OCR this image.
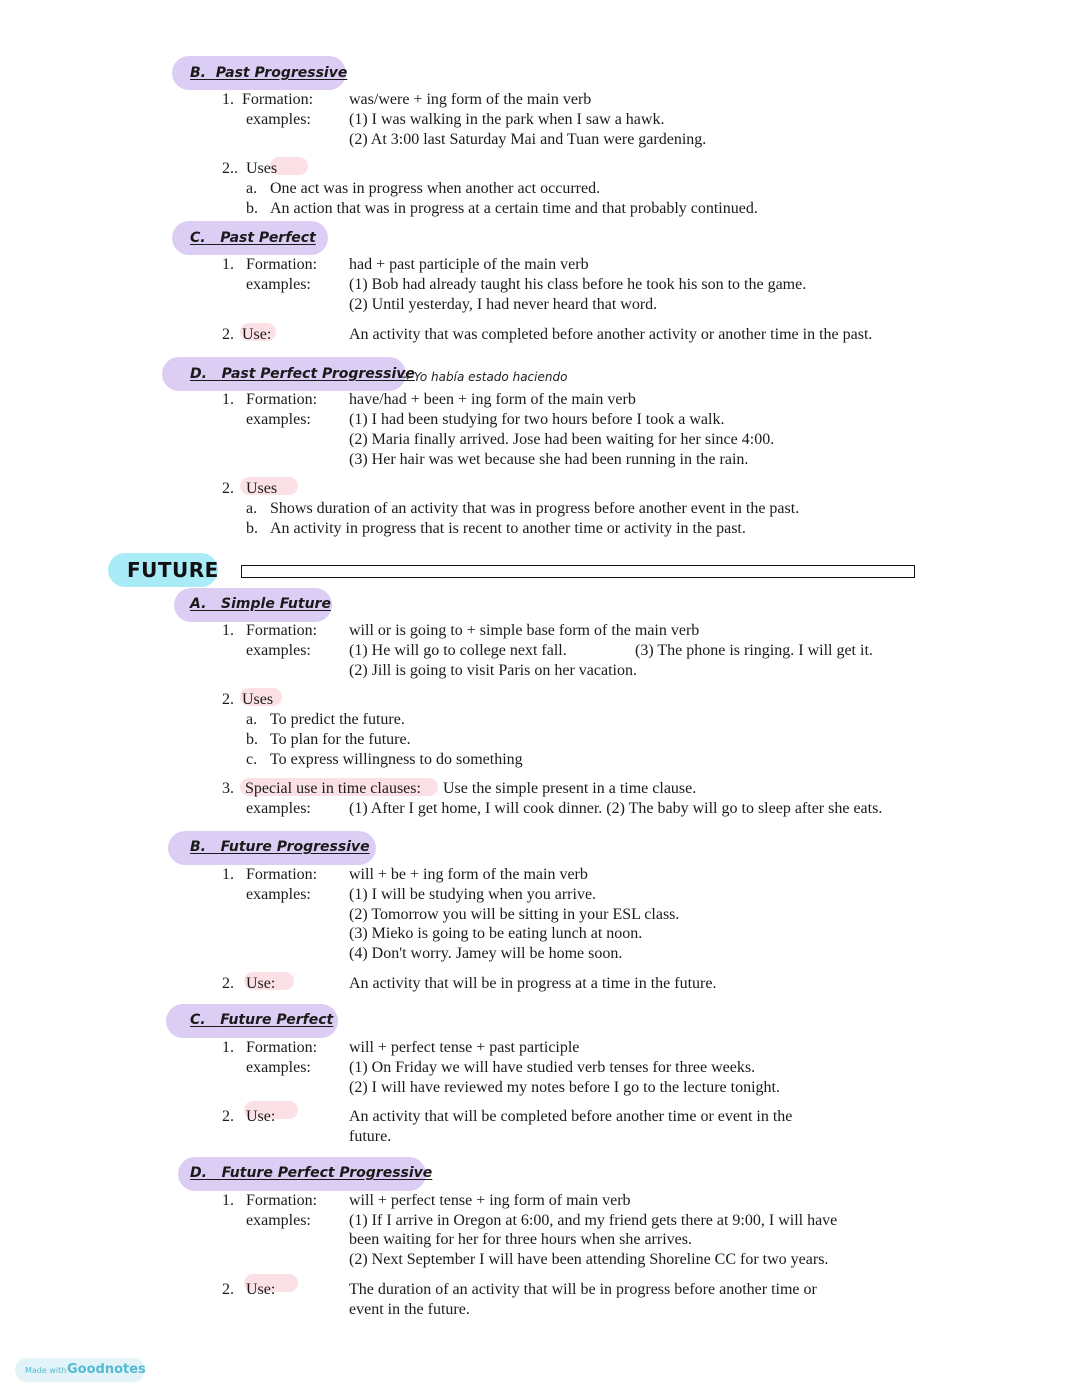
B. Past Progressive
1. Formation: was/were + ing form of the main verb
examples: (1) I was walking in the park when I saw a hawk.
(2) At 3:00 last Saturday Mai and Tuan were gardening.
2.. Uses
a. One act was in progress when another act occurred.
b. An action that was in progress at a certain time and that probably continued.
C. Past Perfect
1. Formation: had + past participle of the main verb
examples: (1) Bob had already taught his class before he took his son to the game.
(2) Until yesterday, I had never heard that word.
2. Use:	An activity that was completed before another activity or another time in the past.
D. Past Perfect Progressive
→ Yo había estado haciendo
1. Formation: have/had + been + ing form of the main verb
examples: (1) I had been studying for two hours before I took a walk.
(2) Maria finally arrived. Jose had been waiting for her since 4:00.
(3) Her hair was wet because she had been running in the rain.
2. Uses
a. Shows duration of an activity that was in progress before another event in the past.
b. An activity in progress that is recent to another time or activity in the past.
FUTURE
A. Simple Future
1. Formation: will or is going to + simple base form of the main verb
examples: (1) He will go to college next fall.	(3) The phone is ringing. I will get it.
(2) Jill is going to visit Paris on her vacation.
2. Uses
a. To predict the future.
b. To plan for the future.
c. To express willingness to do something
3. Special use in time clauses: Use the simple present in a time clause.
examples: (1) After I get home, I will cook dinner. (2) The baby will go to sleep after she eats.
B. Future Progressive
1. Formation: will + be + ing form of the main verb
examples: (1) I will be studying when you arrive.
(2) Tomorrow you will be sitting in your ESL class.
(3) Mieko is going to be eating lunch at noon.
(4) Don't worry. Jamey will be home soon.
2. Use:	An activity that will be in progress at a time in the future.
C. Future Perfect
1. Formation: will + perfect tense + past participle
examples: (1) On Friday we will have studied verb tenses for three weeks.
(2) I will have reviewed my notes before I go to the lecture tonight.
2. Use:	An activity that will be completed before another time or event in the
future.
D. Future Perfect Progressive
1. Formation: will + perfect tense + ing form of main verb
examples: (1) If I arrive in Oregon at 6:00, and my friend gets there at 9:00, I will have
been waiting for her for three hours when she arrives.
(2) Next September I will have been attending Shoreline CC for two years.
2. Use:	The duration of an activity that will be in progress before another time or
event in the future.
Made with Goodnotes
